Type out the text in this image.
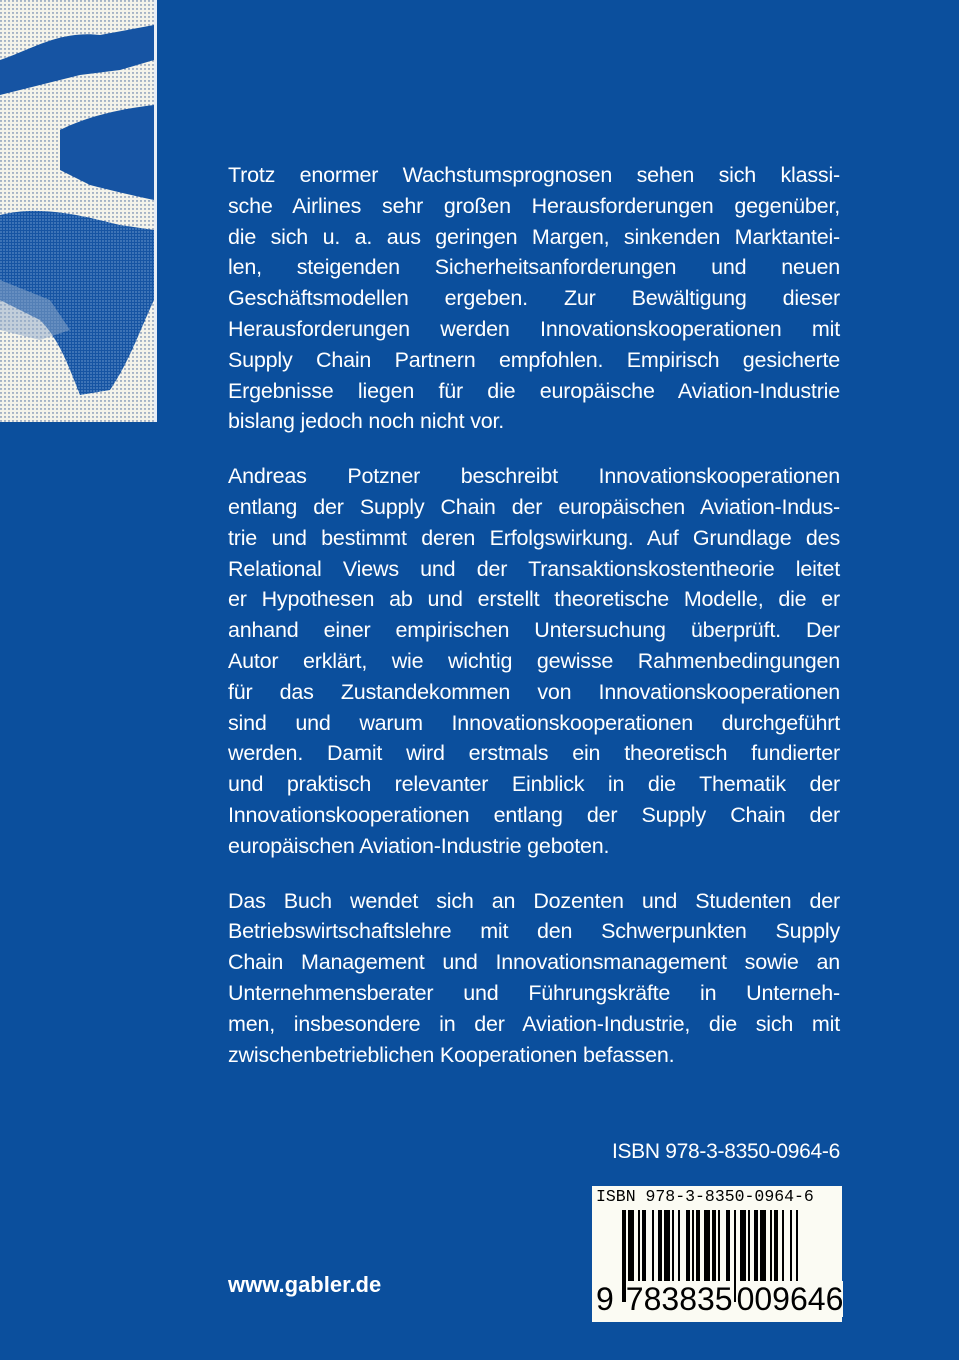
Trotz enormer Wachstumsprognosen sehen sich klassi-
sche Airlines sehr großen Herausforderungen gegenüber,
die sich u. a. aus geringen Margen, sinkenden Marktantei-
len, steigenden Sicherheitsanforderungen und neuen
Geschäftsmodellen ergeben. Zur Bewältigung dieser
Herausforderungen werden Innovationskooperationen mit
Supply Chain Partnern empfohlen. Empirisch gesicherte
Ergebnisse liegen für die europäische Aviation-Industrie
bislang jedoch noch nicht vor.
Andreas Potzner beschreibt Innovationskooperationen
entlang der Supply Chain der europäischen Aviation-Indus-
trie und bestimmt deren Erfolgswirkung. Auf Grundlage des
Relational Views und der Transaktionskostentheorie leitet
er Hypothesen ab und erstellt theoretische Modelle, die er
anhand einer empirischen Untersuchung überprüft. Der
Autor erklärt, wie wichtig gewisse Rahmenbedingungen
für das Zustandekommen von Innovationskooperationen
sind und warum Innovationskooperationen durchgeführt
werden. Damit wird erstmals ein theoretisch fundierter
und praktisch relevanter Einblick in die Thematik der
Innovationskooperationen entlang der Supply Chain der
europäischen Aviation-Industrie geboten.
Das Buch wendet sich an Dozenten und Studenten der
Betriebswirtschaftslehre mit den Schwerpunkten Supply
Chain Management und Innovationsmanagement sowie an
Unternehmensberater und Führungskräfte in Unterneh-
men, insbesondere in der Aviation-Industrie, die sich mit
zwischenbetrieblichen Kooperationen befassen.
ISBN 978-3-8350-0964-6
ISBN 978-3-8350-0964-6
9 783835 009646
www.gabler.de
